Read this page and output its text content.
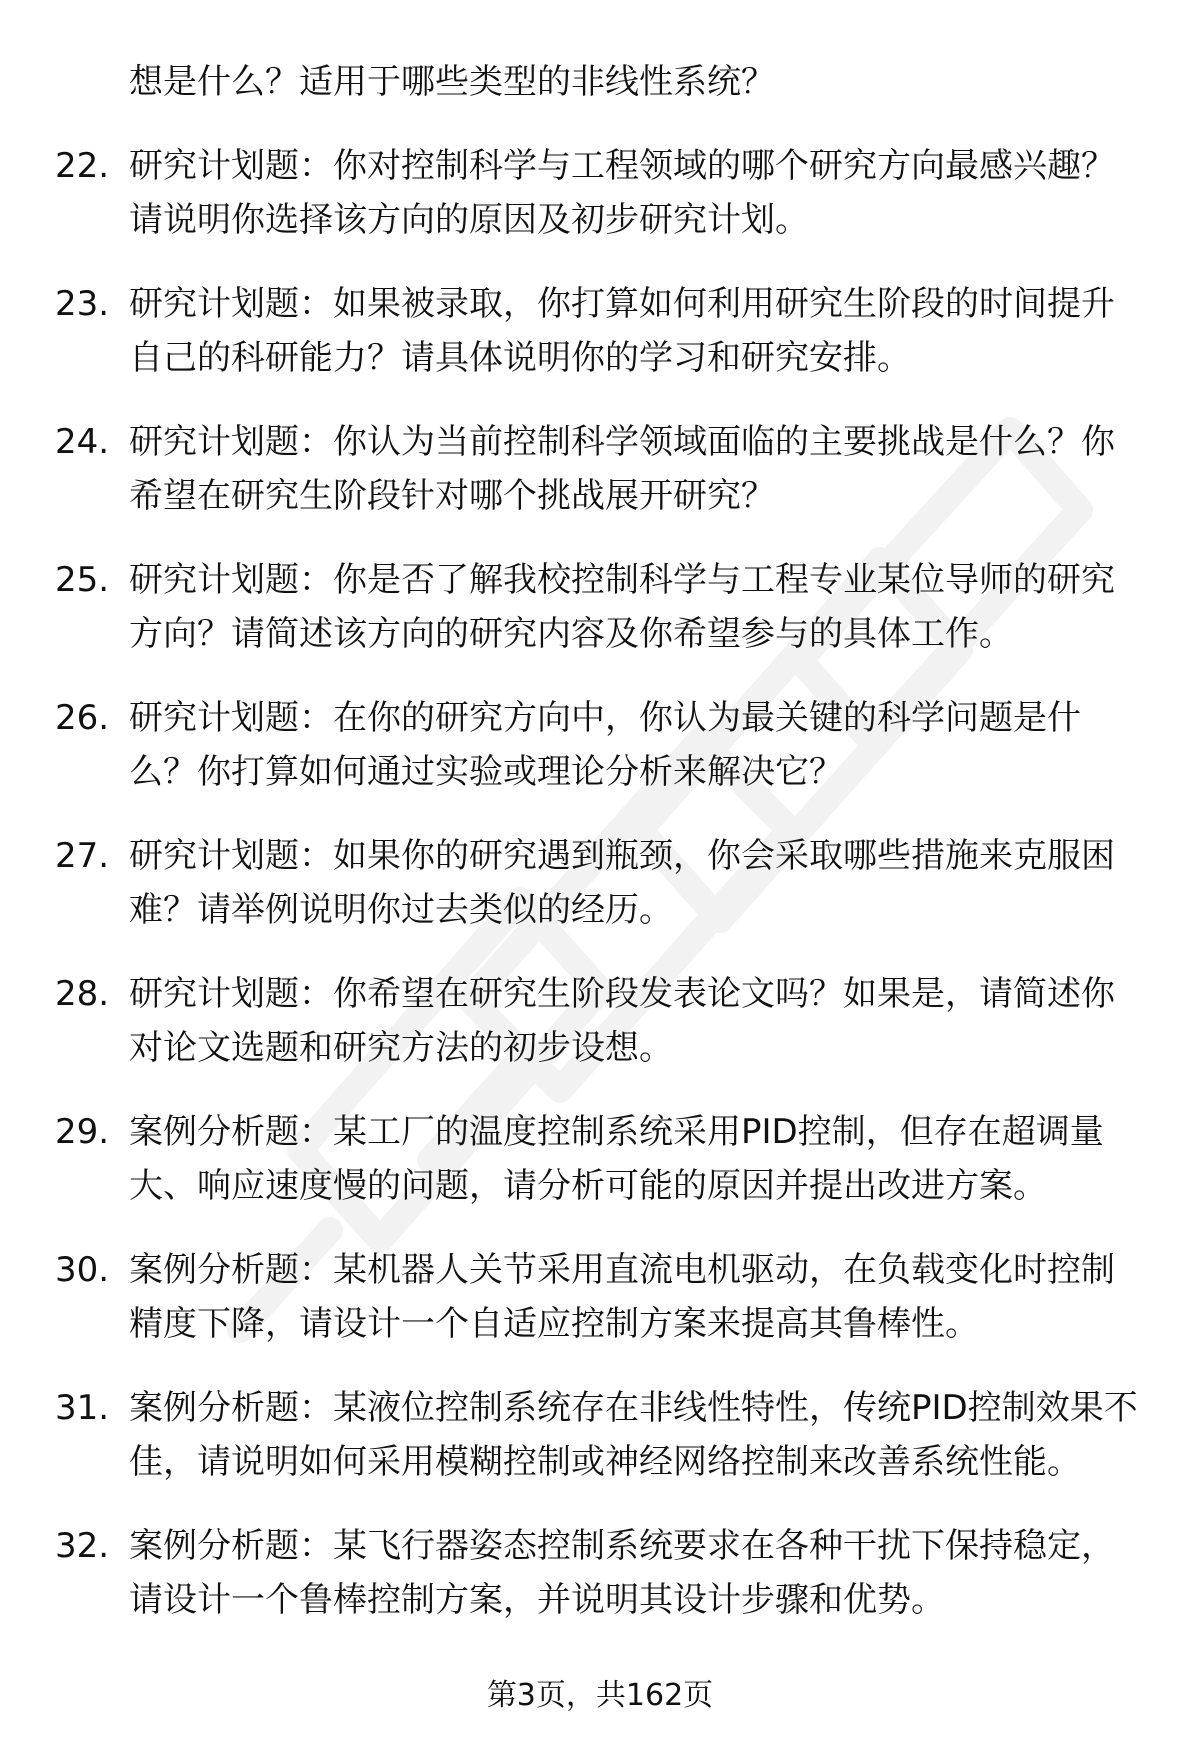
想是什么？适用于哪些类型的非线性系统？
22. 研究计划题：你对控制科学与工程领域的哪个研究方向最感兴趣？请说明你选择该方向的原因及初步研究计划。
23. 研究计划题：如果被录取，你打算如何利用研究生阶段的时间提升自己的科研能力？请具体说明你的学习和研究安排。
24. 研究计划题：你认为当前控制科学领域面临的主要挑战是什么？你希望在研究生阶段针对哪个挑战展开研究？
25. 研究计划题：你是否了解我校控制科学与工程专业某位导师的研究方向？请简述该方向的研究内容及你希望参与的具体工作。
26. 研究计划题：在你的研究方向中，你认为最关键的科学问题是什么？你打算如何通过实验或理论分析来解决它？
27. 研究计划题：如果你的研究遇到瓶颈，你会采取哪些措施来克服困难？请举例说明你过去类似的经历。
28. 研究计划题：你希望在研究生阶段发表论文吗？如果是，请简述你对论文选题和研究方法的初步设想。
29. 案例分析题：某工厂的温度控制系统采用PID控制，但存在超调量大、响应速度慢的问题，请分析可能的原因并提出改进方案。
30. 案例分析题：某机器人关节采用直流电机驱动，在负载变化时控制精度下降，请设计一个自适应控制方案来提高其鲁棒性。
31. 案例分析题：某液位控制系统存在非线性特性，传统PID控制效果不佳，请说明如何采用模糊控制或神经网络控制来改善系统性能。
32. 案例分析题：某飞行器姿态控制系统要求在各种干扰下保持稳定，请设计一个鲁棒控制方案，并说明其设计步骤和优势。
第3页，共162页
